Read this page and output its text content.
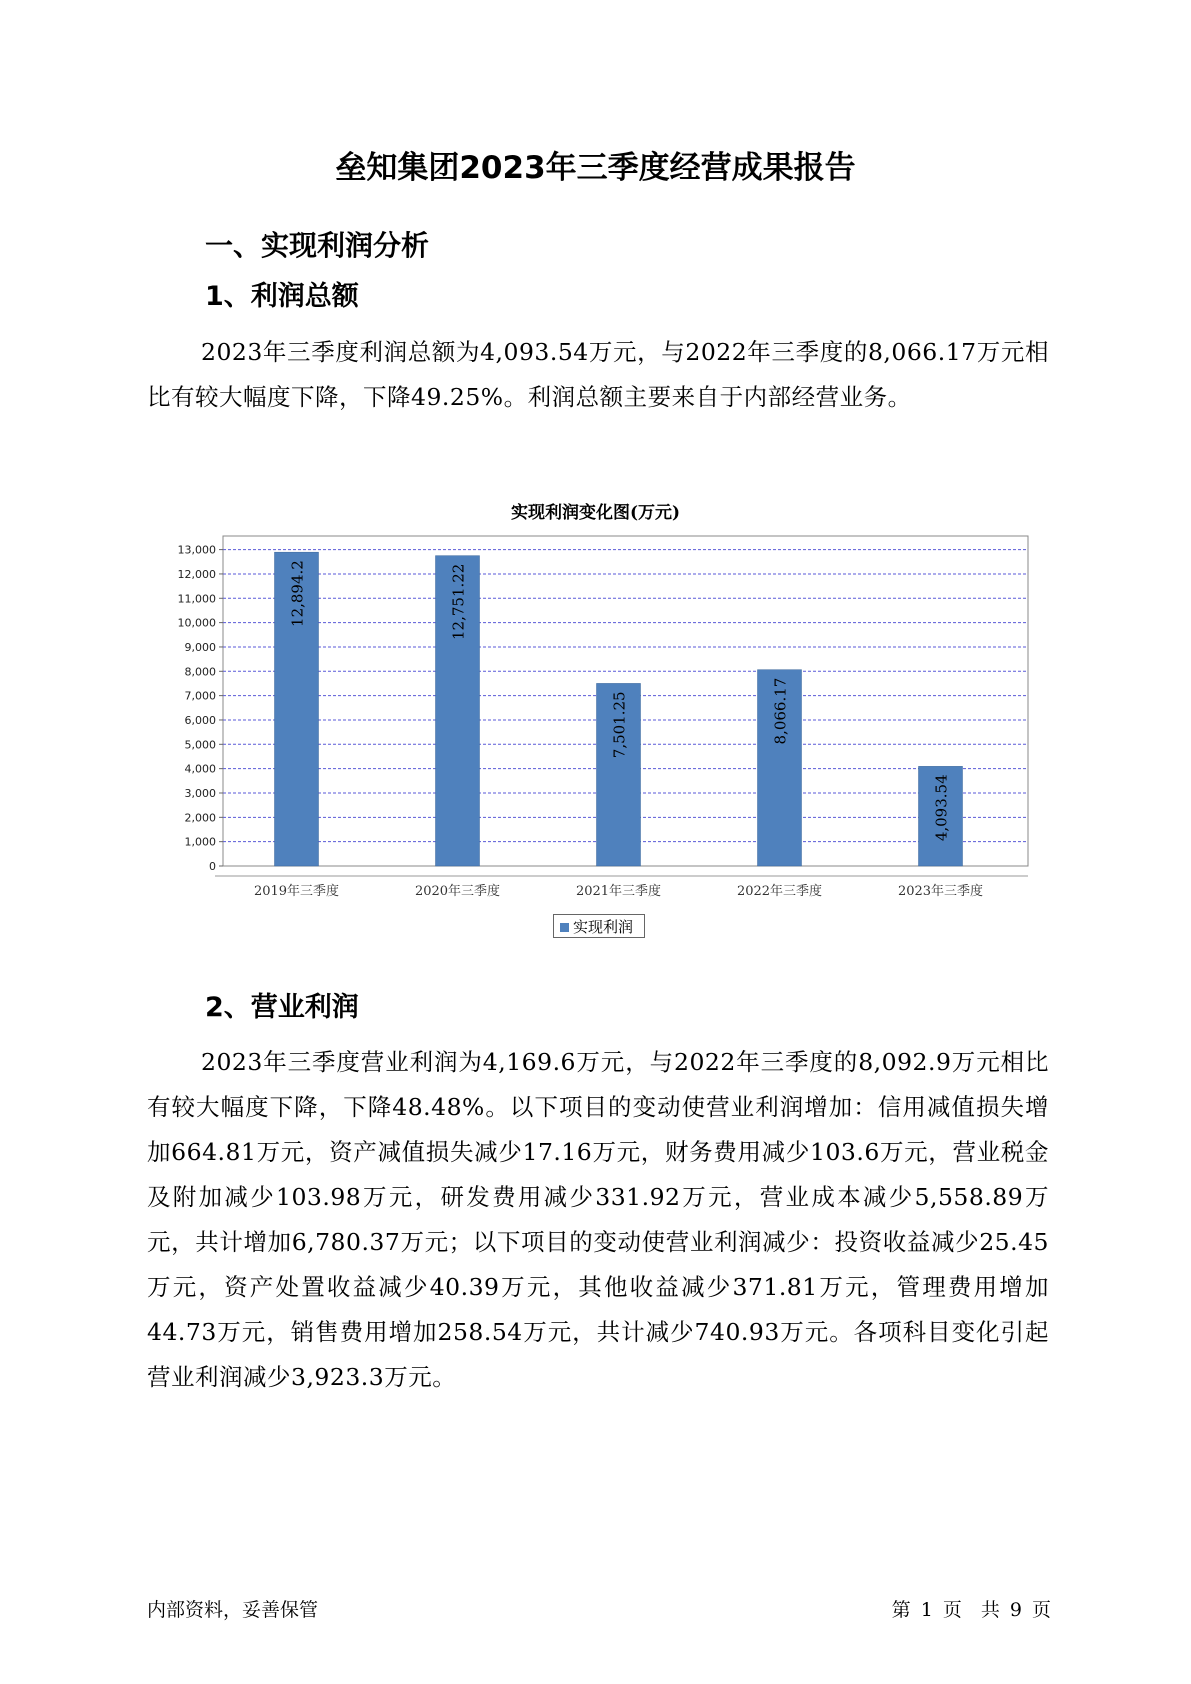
垒知集团2023年三季度经营成果报告
一、实现利润分析
1、利润总额

2023年三季度利润总额为4,093.54万元，与2022年三季度的8,066.17万元相比有较大幅度下降，下降49.25%。利润总额主要来自于内部经营业务。

实现利润变化图(万元)
0
1,000
2,000
3,000
4,000
5,000
6,000
7,000
8,000
9,000
10,000
11,000
12,000
13,000
12,894.2
2019年三季度
12,751.22
2020年三季度
7,501.25
2021年三季度
8,066.17
2022年三季度
4,093.54
2023年三季度
实现利润
2、营业利润

2023年三季度营业利润为4,169.6万元，与2022年三季度的8,092.9万元相比有较大幅度下降，下降48.48%。以下项目的变动使营业利润增加：信用减值损失增加664.81万元，资产减值损失减少17.16万元，财务费用减少103.6万元，营业税金及附加减少103.98万元，研发费用减少331.92万元，营业成本减少5,558.89万元，共计增加6,780.37万元；以下项目的变动使营业利润减少：投资收益减少25.45万元，资产处置收益减少40.39万元，其他收益减少371.81万元，管理费用增加44.73万元，销售费用增加258.54万元，共计减少740.93万元。各项科目变化引起营业利润减少3,923.3万元。

内部资料，妥善保管	第 1 页　共 9 页
